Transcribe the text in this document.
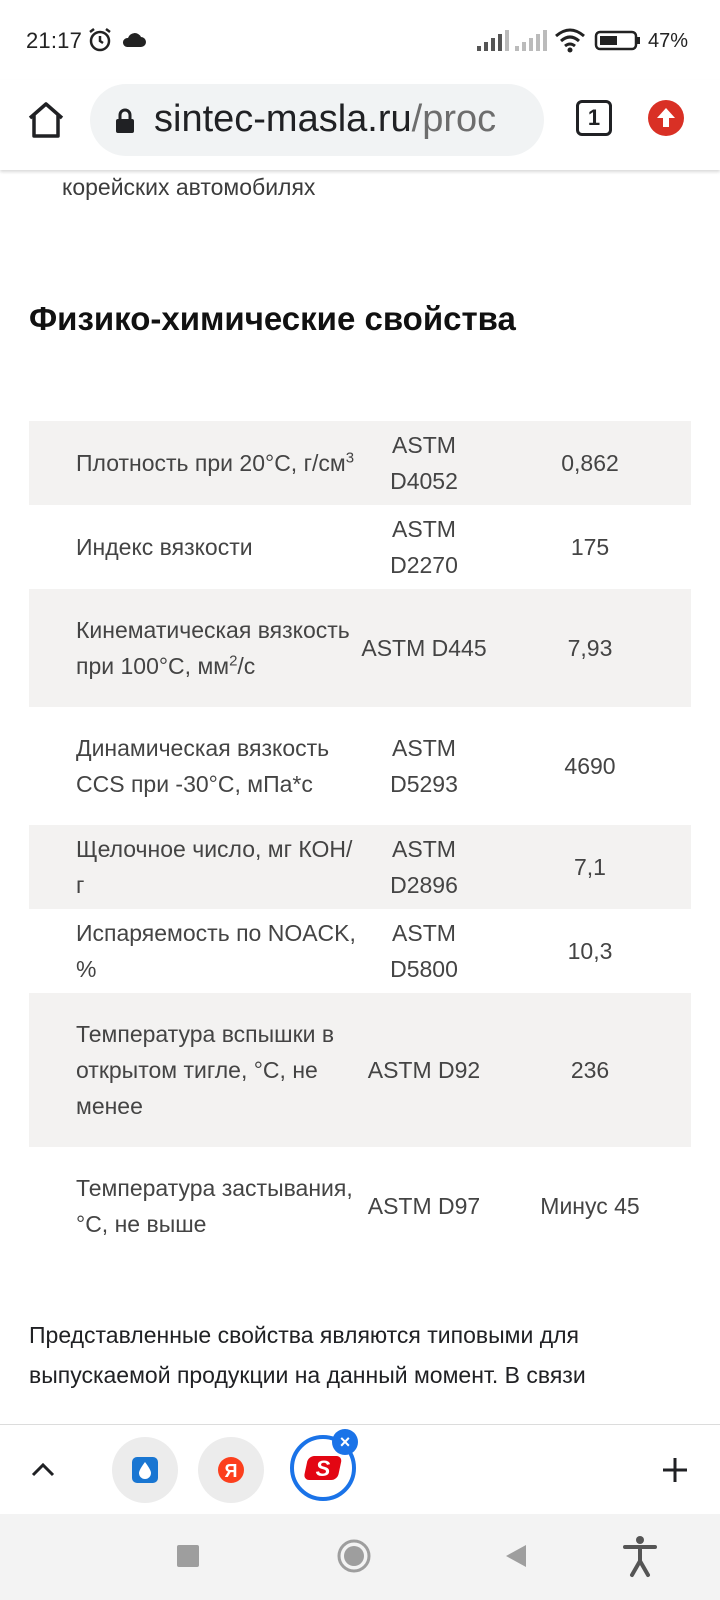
21:17	47%
sintec-masla.ru/proc	1
корейских автомобилях
Физико-химические свойства
Плотность при 20°C, $г/см^3$	ASTM D4052	0,862
Индекс вязкости	ASTM D2270	175
Кинематическая вязкость при 100°C, $мм^2/с$	ASTM D445	7,93
Динамическая вязкость CCS при -30°C, мПа*с	ASTM D5293	4690
Щелочное число, мг КОН/г	ASTM D2896	7,1
Испаряемость по NOACK, %	ASTM D5800	10,3
Температура вспышки в открытом тигле, °C, не менее	ASTM D92	236
Температура застывания, °C, не выше	ASTM D97	Минус 45

Представленные свойства являются типовыми для выпускаемой продукции на данный момент. В связи

Я	S
×
